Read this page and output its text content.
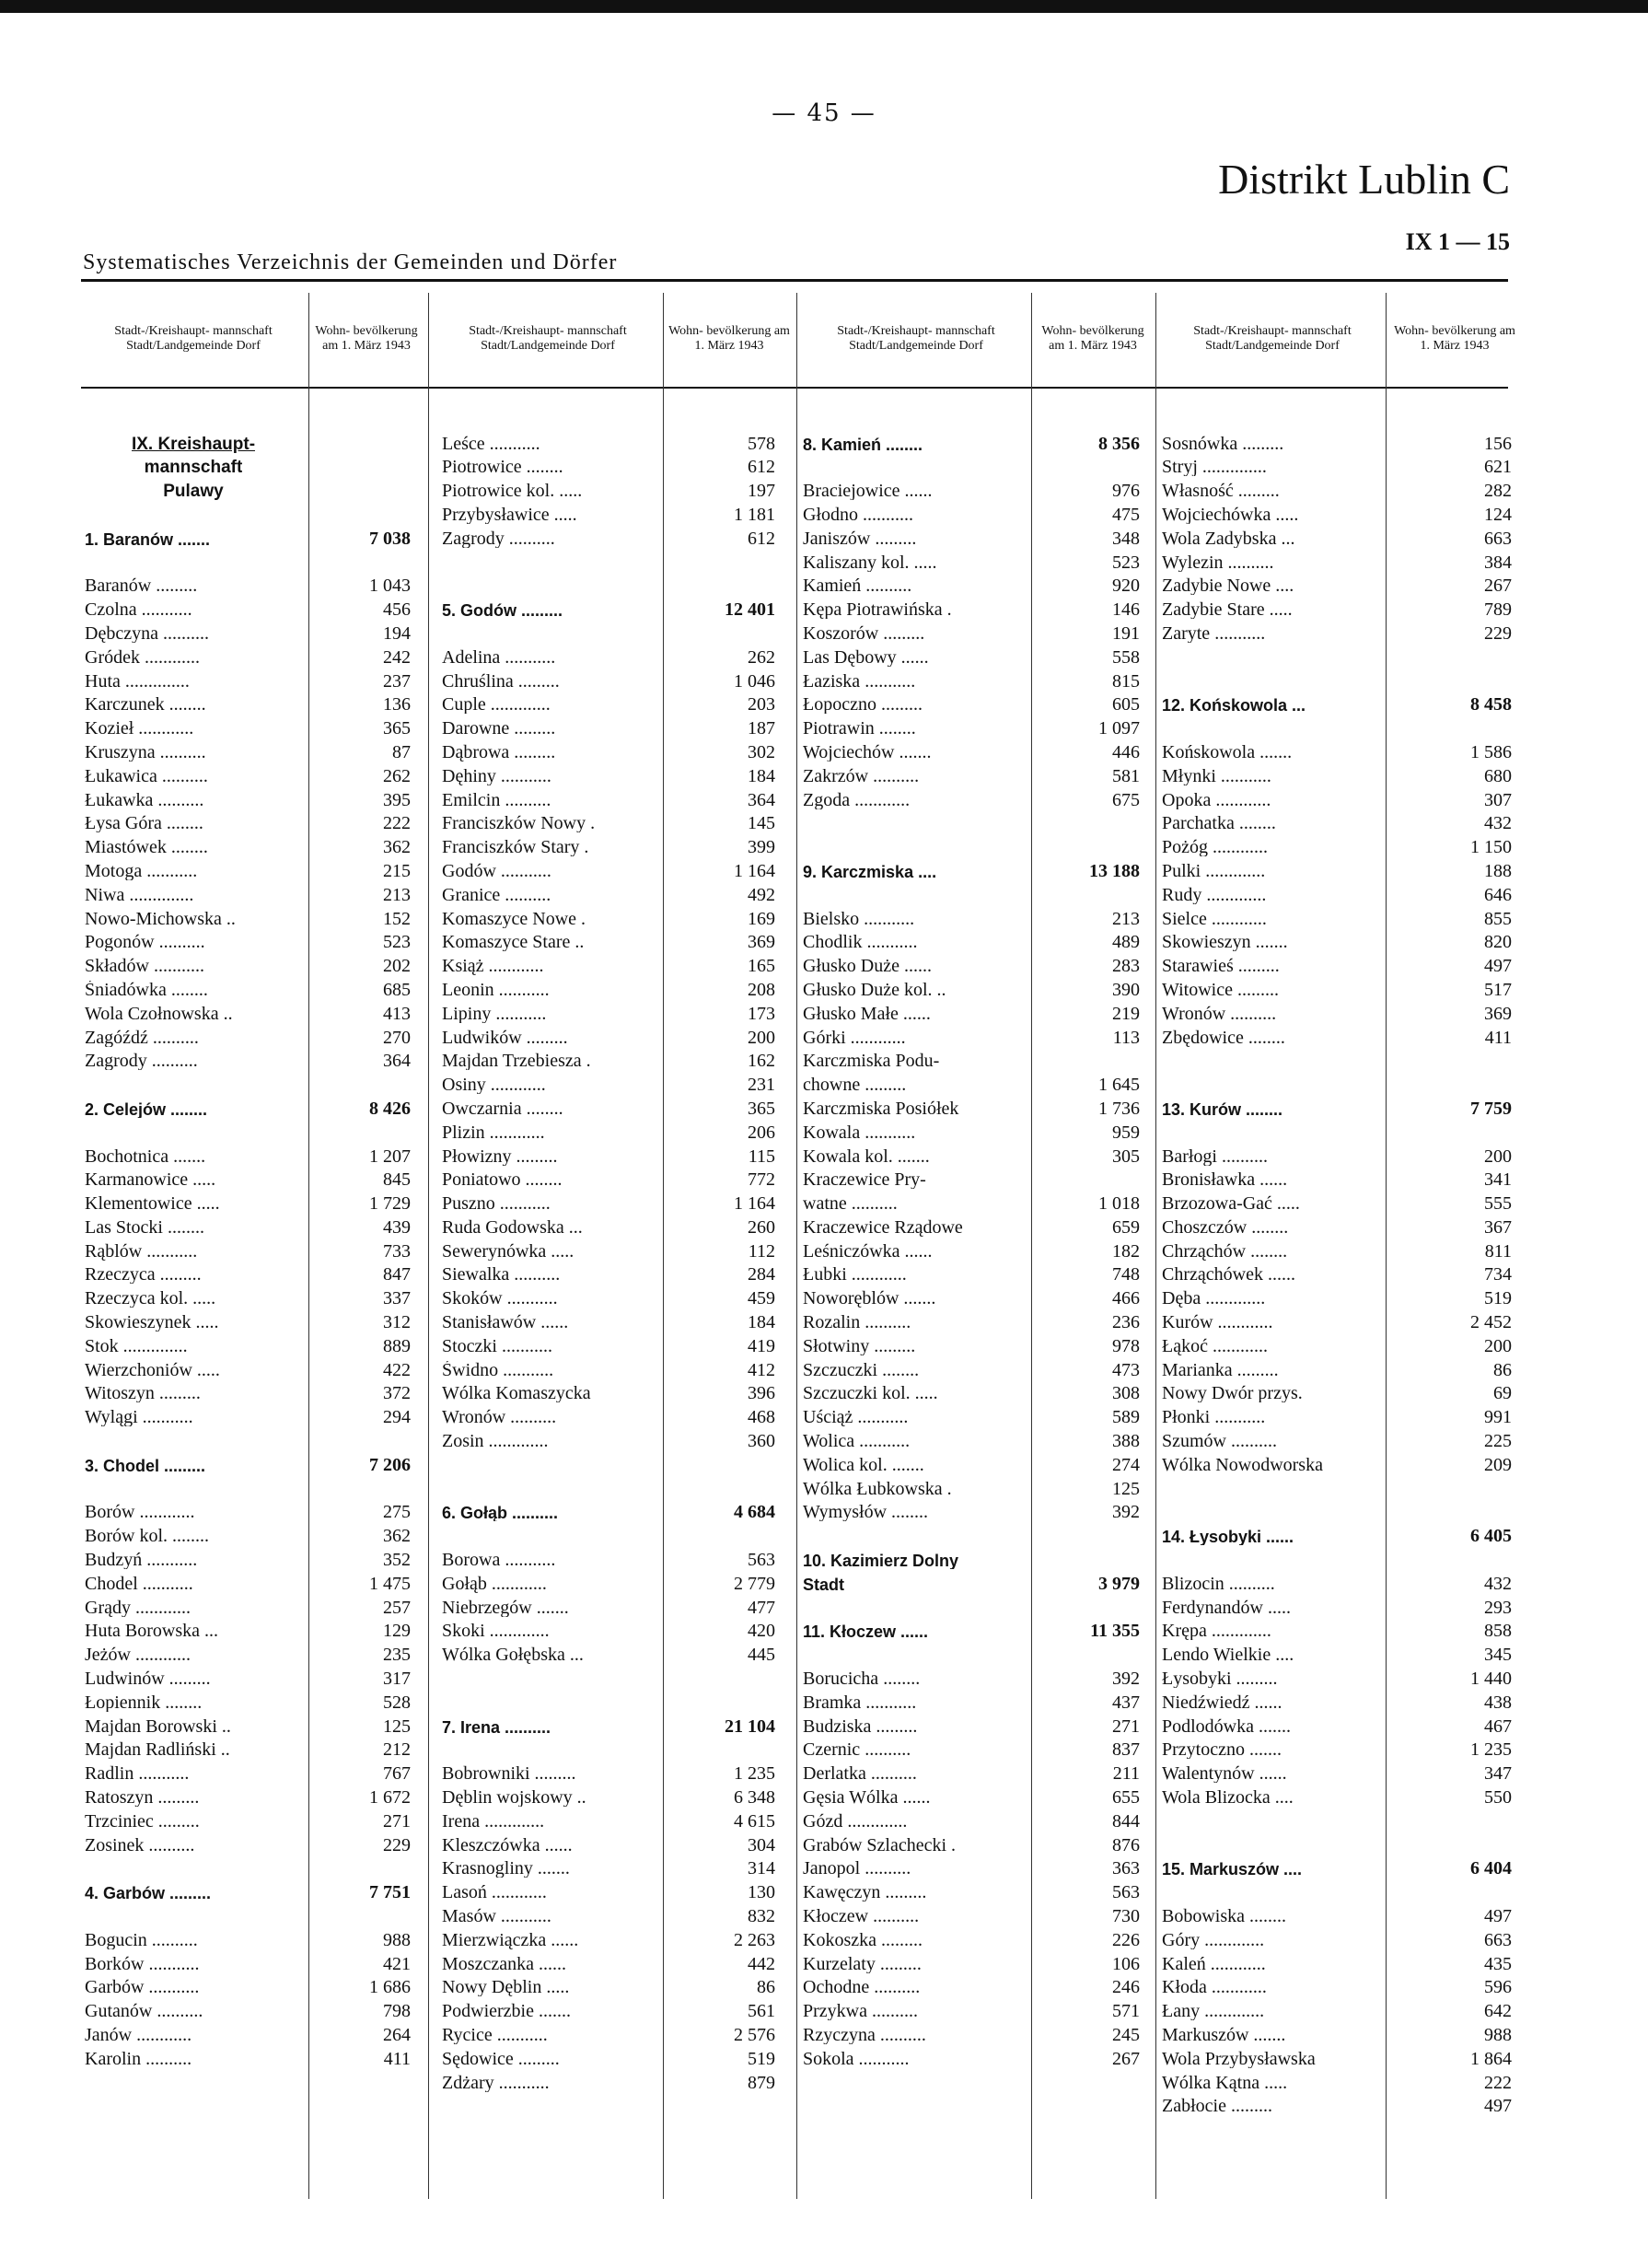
— 45 —
Distrikt Lublin C
IX 1 — 15
Systematisches Verzeichnis der Gemeinden und Dörfer
Stadt-/Kreishaupt- mannschaft Stadt/Landgemeinde Dorf
Wohn- bevölkerung am 1. März 1943
Stadt-/Kreishaupt- mannschaft Stadt/Landgemeinde Dorf
Wohn- bevölkerung am 1. März 1943
Stadt-/Kreishaupt- mannschaft Stadt/Landgemeinde Dorf
Wohn- bevölkerung am 1. März 1943
Stadt-/Kreishaupt- mannschaft Stadt/Landgemeinde Dorf
Wohn- bevölkerung am 1. März 1943
IX. Kreishaupt-
mannschaft
Pulawy
1. Baranów .......	7 038
Baranów .........	1 043
Czolna ...........	456
Dębczyna ..........	194
Gródek ............	242
Huta ..............	237
Karczunek ........	136
Kozieł ............	365
Kruszyna ..........	87
Łukawica ..........	262
Łukawka ..........	395
Łysa Góra ........	222
Miastówek ........	362
Motoga ...........	215
Niwa ..............	213
Nowo-Michowska ..	152
Pogonów ..........	523
Składów ...........	202
Śniadówka ........	685
Wola Czołnowska ..	413
Zagóźdź ..........	270
Zagrody ..........	364
2. Celejów ........	8 426
Bochotnica .......	1 207
Karmanowice .....	845
Klementowice .....	1 729
Las Stocki ........	439
Rąblów ...........	733
Rzeczyca .........	847
Rzeczyca kol. .....	337
Skowieszynek .....	312
Stok ..............	889
Wierzchoniów .....	422
Witoszyn .........	372
Wylągi ...........	294
3. Chodel .........	7 206
Borów ............	275
Borów kol. ........	362
Budzyń ...........	352
Chodel ...........	1 475
Grądy ............	257
Huta Borowska ...	129
Jeżów ............	235
Ludwinów .........	317
Łopiennik ........	528
Majdan Borowski ..	125
Majdan Radliński ..	212
Radlin ...........	767
Ratoszyn .........	1 672
Trzciniec .........	271
Zosinek ..........	229
4. Garbów .........	7 751
Bogucin ..........	988
Borków ...........	421
Garbów ...........	1 686
Gutanów ..........	798
Janów ............	264
Karolin ..........	411
Leśce ...........	578
Piotrowice ........	612
Piotrowice kol. .....	197
Przybysławice .....	1 181
Zagrody ..........	612
5. Godów .........	12 401
Adelina ...........	262
Chruślina .........	1 046
Cuple .............	203
Darowne .........	187
Dąbrowa .........	302
Dęhiny ...........	184
Emilcin ..........	364
Franciszków Nowy .	145
Franciszków Stary .	399
Godów ...........	1 164
Granice ..........	492
Komaszyce Nowe .	169
Komaszyce Stare ..	369
Książ ............	165
Leonin ...........	208
Lipiny ...........	173
Ludwików .........	200
Majdan Trzebiesza .	162
Osiny ............	231
Owczarnia ........	365
Plizin ............	206
Płowizny .........	115
Poniatowo ........	772
Puszno ...........	1 164
Ruda Godowska ...	260
Sewerynówka .....	112
Siewalka ..........	284
Skoków ...........	459
Stanisławów ......	184
Stoczki ...........	419
Świdno ...........	412
Wólka Komaszycka	396
Wronów ..........	468
Zosin .............	360
6. Gołąb ..........	4 684
Borowa ...........	563
Gołąb ............	2 779
Niebrzegów .......	477
Skoki .............	420
Wólka Gołębska ...	445
7. Irena ..........	21 104
Bobrowniki .........	1 235
Dęblin wojskowy ..	6 348
Irena .............	4 615
Kleszczówka ......	304
Krasnogliny .......	314
Lasoń ............	130
Masów ...........	832
Mierzwiączka ......	2 263
Moszczanka ......	442
Nowy Dęblin .....	86
Podwierzbie .......	561
Rycice ...........	2 576
Sędowice .........	519
Zdżary ...........	879
8. Kamień ........	8 356
Braciejowice ......	976
Głodno ...........	475
Janiszów .........	348
Kaliszany kol. .....	523
Kamień ..........	920
Kępa Piotrawińska .	146
Koszorów .........	191
Las Dębowy ......	558
Łaziska ...........	815
Łopoczno .........	605
Piotrawin ........	1 097
Wojciechów .......	446
Zakrzów ..........	581
Zgoda ............	675
9. Karczmiska ....	13 188
Bielsko ...........	213
Chodlik ...........	489
Głusko Duże ......	283
Głusko Duże kol. ..	390
Głusko Małe ......	219
Górki ............	113
Karczmiska Podu-
chowne .........	1 645
Karczmiska Posiółek	1 736
Kowala ...........	959
Kowala kol. .......	305
Kraczewice Pry-
watne ..........	1 018
Kraczewice Rządowe	659
Leśniczówka ......	182
Łubki ............	748
Noworęblów .......	466
Rozalin ..........	236
Słotwiny .........	978
Szczuczki ........	473
Szczuczki kol. .....	308
Uściąż ...........	589
Wolica ...........	388
Wolica kol. .......	274
Wólka Łubkowska .	125
Wymysłów ........	392
10. Kazimierz Dolny
Stadt	3 979
11. Kłoczew ......	11 355
Borucicha ........	392
Bramka ...........	437
Budziska .........	271
Czernic ..........	837
Derlatka ..........	211
Gęsia Wólka ......	655
Gózd .............	844
Grabów Szlachecki .	876
Janopol ..........	363
Kawęczyn .........	563
Kłoczew ..........	730
Kokoszka .........	226
Kurzelaty .........	106
Ochodne ..........	246
Przykwa ..........	571
Rzyczyna ..........	245
Sokola ...........	267
Sosnówka .........	156
Stryj ..............	621
Własność .........	282
Wojciechówka .....	124
Wola Zadybska ...	663
Wylezin ..........	384
Zadybie Nowe ....	267
Zadybie Stare .....	789
Zaryte ...........	229
12. Końskowola ...	8 458
Końskowola .......	1 586
Młynki ...........	680
Opoka ............	307
Parchatka ........	432
Pożóg ............	1 150
Pulki .............	188
Rudy .............	646
Sielce ............	855
Skowieszyn .......	820
Starawieś .........	497
Witowice .........	517
Wronów ..........	369
Zbędowice ........	411
13. Kurów ........	7 759
Barłogi ..........	200
Bronisławka ......	341
Brzozowa-Gać .....	555
Choszczów ........	367
Chrząchów ........	811
Chrząchówek ......	734
Dęba .............	519
Kurów ............	2 452
Łąkoć ............	200
Marianka .........	86
Nowy Dwór przys.	69
Płonki ...........	991
Szumów ..........	225
Wólka Nowodworska	209
14. Łysobyki ......	6 405
Blizocin ..........	432
Ferdynandów .....	293
Krępa .............	858
Lendo Wielkie ....	345
Łysobyki .........	1 440
Niedźwiedź ......	438
Podlodówka .......	467
Przytoczno .......	1 235
Walentynów ......	347
Wola Blizocka ....	550
15. Markuszów ....	6 404
Bobowiska ........	497
Góry .............	663
Kaleń ............	435
Kłoda ............	596
Łany .............	642
Markuszów .......	988
Wola Przybysławska	1 864
Wólka Kątna .....	222
Zabłocie .........	497
